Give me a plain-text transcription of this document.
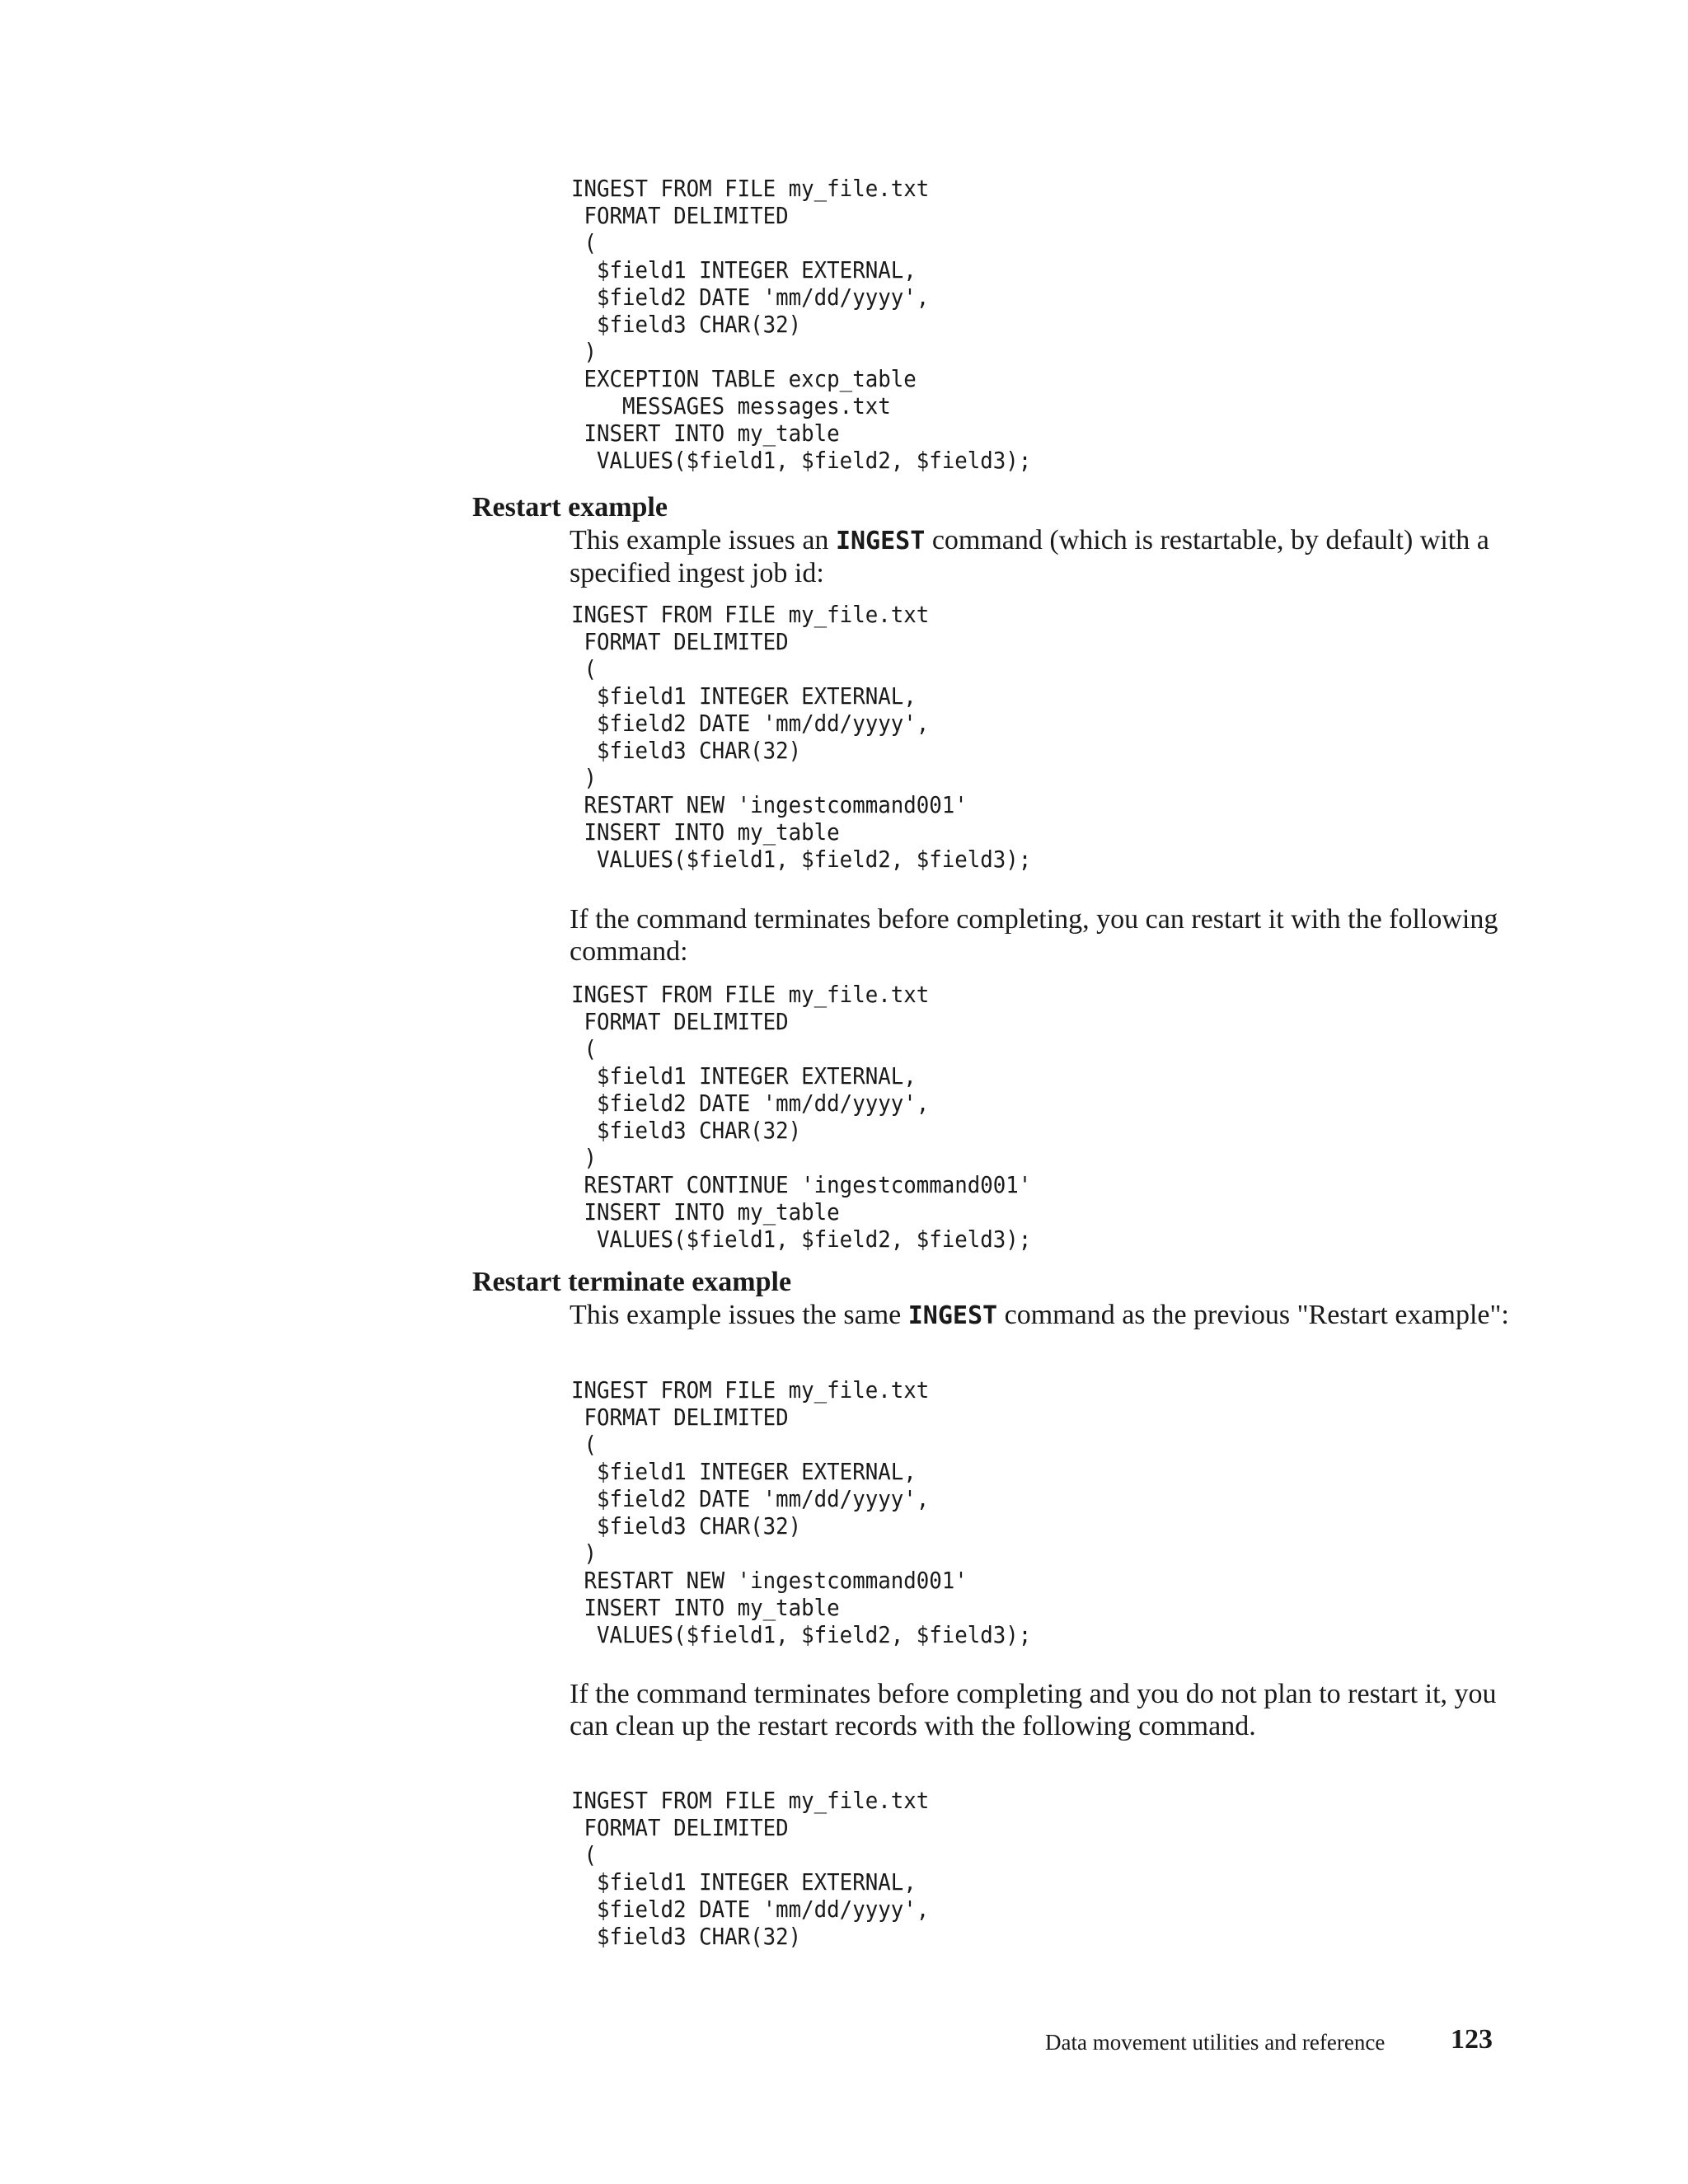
INGEST FROM FILE my_file.txt
FORMAT DELIMITED
(
$field1 INTEGER EXTERNAL,
$field2 DATE 'mm/dd/yyyy',
$field3 CHAR(32)
)
EXCEPTION TABLE excp_table
MESSAGES messages.txt
INSERT INTO my_table
VALUES($field1, $field2, $field3);
Restart example

This example issues an INGEST command (which is restartable, by default) with a specified ingest job id:

INGEST FROM FILE my_file.txt
FORMAT DELIMITED
(
$field1 INTEGER EXTERNAL,
$field2 DATE 'mm/dd/yyyy',
$field3 CHAR(32)
)
RESTART NEW 'ingestcommand001'
INSERT INTO my_table
VALUES($field1, $field2, $field3);

If the command terminates before completing, you can restart it with the following command:

INGEST FROM FILE my_file.txt
FORMAT DELIMITED
(
$field1 INTEGER EXTERNAL,
$field2 DATE 'mm/dd/yyyy',
$field3 CHAR(32)
)
RESTART CONTINUE 'ingestcommand001'
INSERT INTO my_table
VALUES($field1, $field2, $field3);
Restart terminate example

This example issues the same INGEST command as the previous "Restart example":

INGEST FROM FILE my_file.txt
FORMAT DELIMITED
(
$field1 INTEGER EXTERNAL,
$field2 DATE 'mm/dd/yyyy',
$field3 CHAR(32)
)
RESTART NEW 'ingestcommand001'
INSERT INTO my_table
VALUES($field1, $field2, $field3);

If the command terminates before completing and you do not plan to restart it, you can clean up the restart records with the following command.

INGEST FROM FILE my_file.txt
FORMAT DELIMITED
(
$field1 INTEGER EXTERNAL,
$field2 DATE 'mm/dd/yyyy',
$field3 CHAR(32)
Data movement utilities and reference 123
